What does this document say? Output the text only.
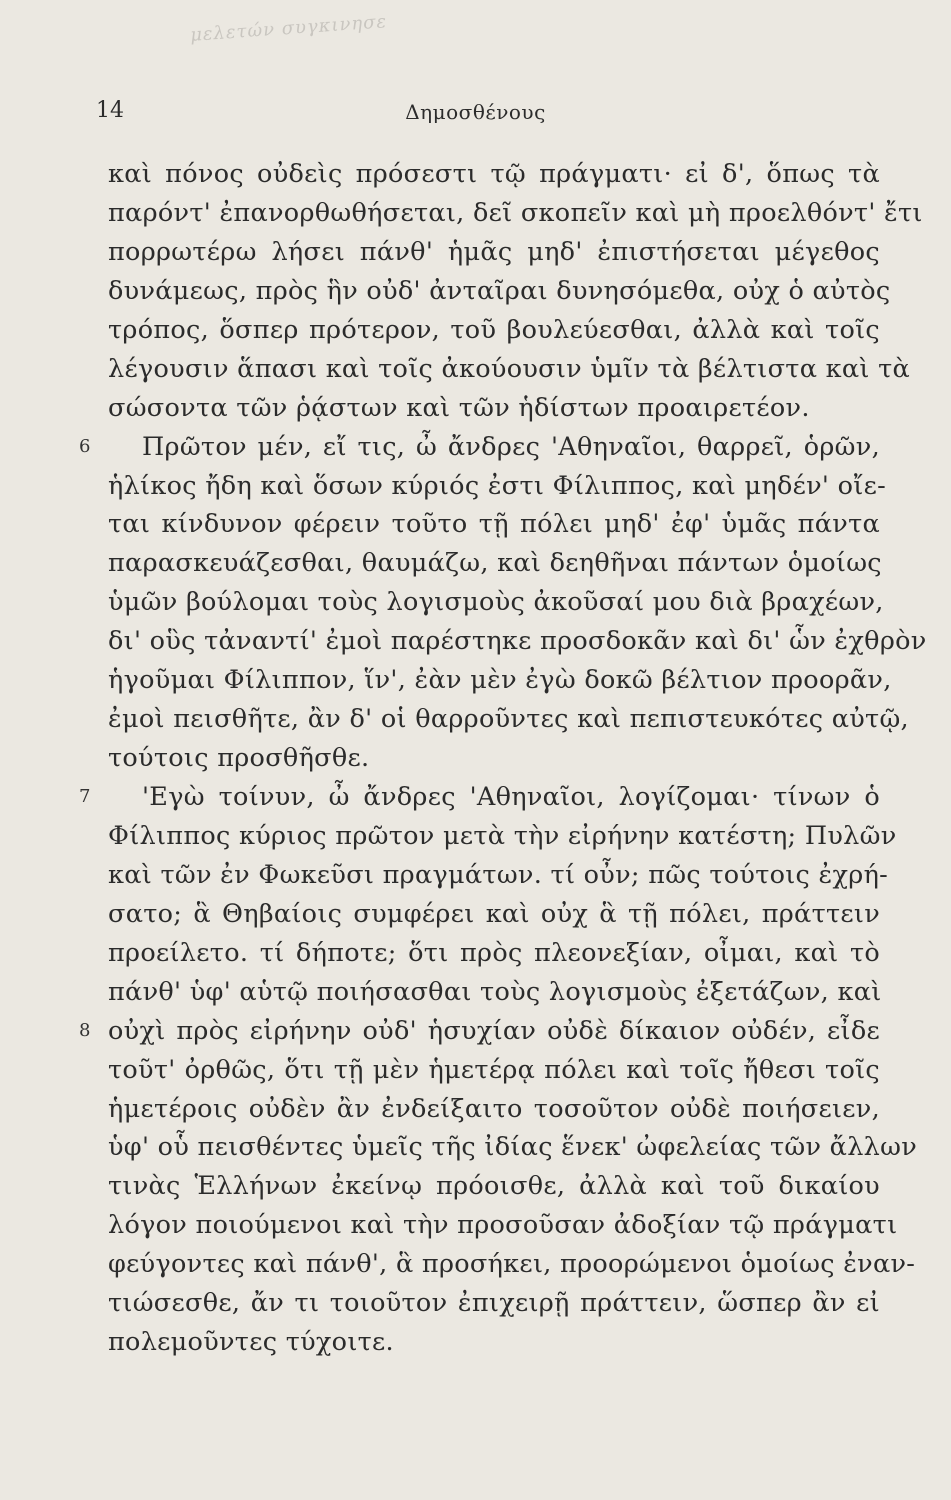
μελετών συγκινησε
14	Δημοσθένους
καὶ πόνος οὐδεὶς πρόσεστι τῷ πράγματι· εἰ δ', ὅπως τὰ
παρόντ' ἐπανορθωθήσεται, δεῖ σκοπεῖν καὶ μὴ προελθόντ' ἔτι
πορρωτέρω λήσει πάνθ' ἡμᾶς μηδ' ἐπιστήσεται μέγεθος
δυνάμεως, πρὸς ἣν οὐδ' ἀνταῖραι δυνησόμεθα, οὐχ ὁ αὐτὸς
τρόπος, ὅσπερ πρότερον, τοῦ βουλεύεσθαι, ἀλλὰ καὶ τοῖς
λέγουσιν ἅπασι καὶ τοῖς ἀκούουσιν ὑμῖν τὰ βέλτιστα καὶ τὰ
σώσοντα τῶν ῥᾴστων καὶ τῶν ἡδίστων προαιρετέον.
6 Πρῶτον μέν, εἴ τις, ὦ ἄνδρες 'Αθηναῖοι, θαρρεῖ, ὁρῶν,
ἡλίκος ἤδη καὶ ὅσων κύριός ἐστι Φίλιππος, καὶ μηδέν' οἴε-
ται κίνδυνον φέρειν τοῦτο τῇ πόλει μηδ' ἐφ' ὑμᾶς πάντα
παρασκευάζεσθαι, θαυμάζω, καὶ δεηθῆναι πάντων ὁμοίως
ὑμῶν βούλομαι τοὺς λογισμοὺς ἀκοῦσαί μου διὰ βραχέων,
δι' οὓς τἀναντί' ἐμοὶ παρέστηκε προσδοκᾶν καὶ δι' ὧν ἐχθρὸν
ἡγοῦμαι Φίλιππον, ἵν', ἐὰν μὲν ἐγὼ δοκῶ βέλτιον προορᾶν,
ἐμοὶ πεισθῆτε, ἂν δ' οἱ θαρροῦντες καὶ πεπιστευκότες αὐτῷ,
τούτοις προσθῆσθε.
7 'Εγὼ τοίνυν, ὦ ἄνδρες 'Αθηναῖοι, λογίζομαι· τίνων ὁ
Φίλιππος κύριος πρῶτον μετὰ τὴν εἰρήνην κατέστη; Πυλῶν
καὶ τῶν ἐν Φωκεῦσι πραγμάτων. τί οὖν; πῶς τούτοις ἐχρή-
σατο; ἃ Θηβαίοις συμφέρει καὶ οὐχ ἃ τῇ πόλει, πράττειν
προείλετο. τί δήποτε; ὅτι πρὸς πλεονεξίαν, οἶμαι, καὶ τὸ
πάνθ' ὑφ' αὑτῷ ποιήσασθαι τοὺς λογισμοὺς ἐξετάζων, καὶ
8 οὐχὶ πρὸς εἰρήνην οὐδ' ἡσυχίαν οὐδὲ δίκαιον οὐδέν, εἶδε
τοῦτ' ὀρθῶς, ὅτι τῇ μὲν ἡμετέρᾳ πόλει καὶ τοῖς ἤθεσι τοῖς
ἡμετέροις οὐδὲν ἂν ἐνδείξαιτο τοσοῦτον οὐδὲ ποιήσειεν,
ὑφ' οὗ πεισθέντες ὑμεῖς τῆς ἰδίας ἕνεκ' ὠφελείας τῶν ἄλλων
τινὰς Ἑλλήνων ἐκείνῳ πρόοισθε, ἀλλὰ καὶ τοῦ δικαίου
λόγον ποιούμενοι καὶ τὴν προσοῦσαν ἀδοξίαν τῷ πράγματι
φεύγοντες καὶ πάνθ', ἃ προσήκει, προορώμενοι ὁμοίως ἐναν-
τιώσεσθε, ἄν τι τοιοῦτον ἐπιχειρῇ πράττειν, ὥσπερ ἂν εἰ
πολεμοῦντες τύχοιτε.
